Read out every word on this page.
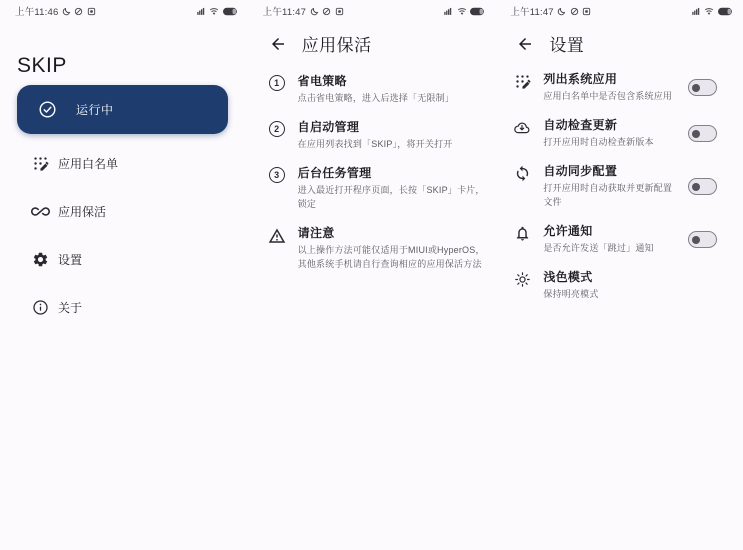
上午11:46
SKIP
运行中
应用白名单
应用保活
设置
关于
上午11:47
应用保活
1	省电策略
点击省电策略，进入后选择「无限制」
2	自启动管理
在应用列表找到「SKIP」，将开关打开
3	后台任务管理
进入最近打开程序页面，长按「SKIP」卡片，锁定
请注意
以上操作方法可能仅适用于MIUI或HyperOS，其他系统手机请自行查询相应的应用保活方法
上午11:47
设置
列出系统应用
应用白名单中是否包含系统应用
自动检查更新
打开应用时自动检查新版本
自动同步配置
打开应用时自动获取并更新配置文件
允许通知
是否允许发送「跳过」通知
浅色模式
保持明亮模式
